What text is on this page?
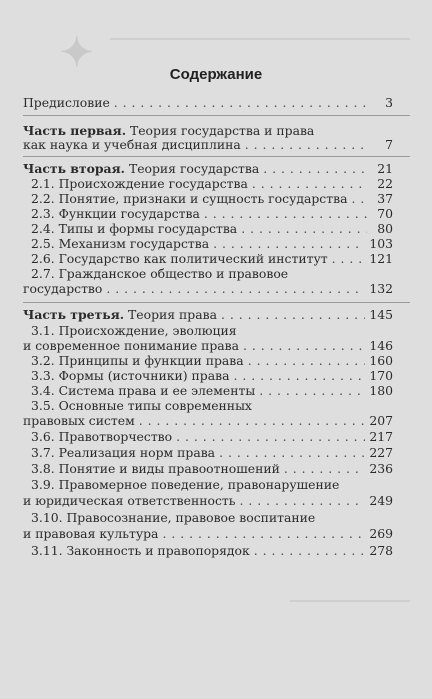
✦	Содержание
Предисловие . . .	3
Часть первая. Теория государства и права
как наука и учебная дисциплина . . .	7
Часть вторая. Теория государства . . .	21
2.1. Происхождение государства . . .	22
2.2. Понятие, признаки и сущность государства . . .	37
2.3. Функции государства . . .	70
2.4. Типы и формы государства . . .	80
2.5. Механизм государства . . .	103
2.6. Государство как политический институт . . .	121
2.7. Гражданское общество и правовое
государство . . .	132
Часть третья. Теория права . . .	145
3.1. Происхождение, эволюция
и современное понимание права . . .	146
3.2. Принципы и функции права . . .	160
3.3. Формы (источники) права . . .	170
3.4. Система права и ее элементы . . .	180
3.5. Основные типы современных
правовых систем . . .	207
3.6. Правотворчество . . .	217
3.7. Реализация норм права . . .	227
3.8. Понятие и виды правоотношений . . .	236
3.9. Правомерное поведение, правонарушение
и юридическая ответственность . . .	249
3.10. Правосознание, правовое воспитание
и правовая культура . . .	269
3.11. Законность и правопорядок . . .	278
